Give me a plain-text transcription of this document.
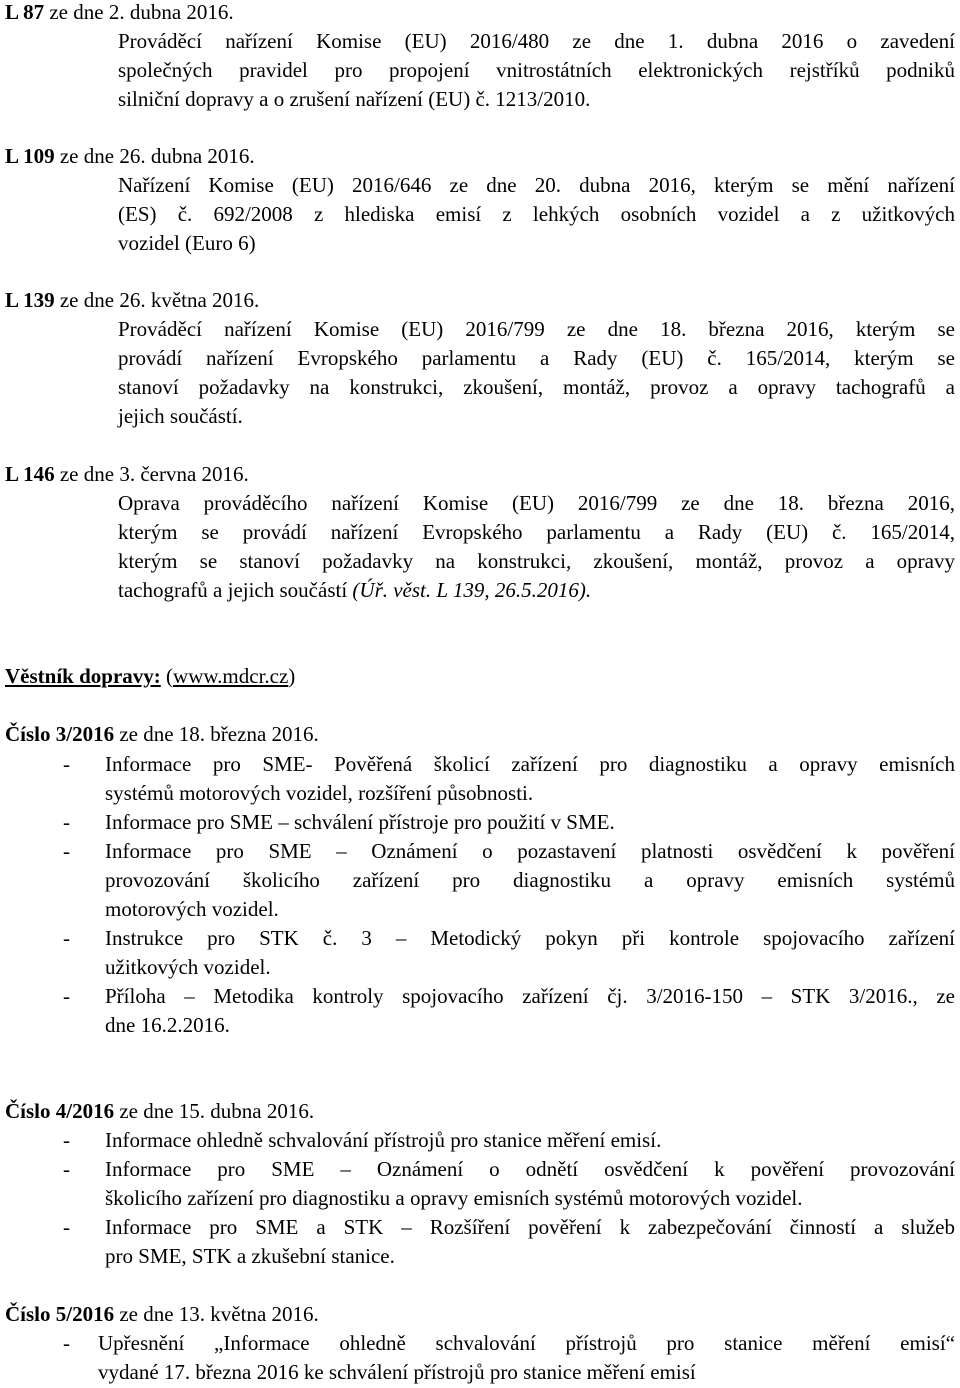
L 87 ze dne 2. dubna 2016.
Prováděcí nařízení Komise (EU) 2016/480 ze dne 1. dubna 2016 o zavedení
společných pravidel pro propojení vnitrostátních elektronických rejstříků podniků
silniční dopravy a o zrušení nařízení (EU) č. 1213/2010.
L 109 ze dne 26. dubna 2016.
Nařízení Komise (EU) 2016/646 ze dne 20. dubna 2016, kterým se mění nařízení
(ES) č. 692/2008 z hlediska emisí z lehkých osobních vozidel a z užitkových
vozidel (Euro 6)
L 139 ze dne 26. května 2016.
Prováděcí nařízení Komise (EU) 2016/799 ze dne 18. března 2016, kterým se
provádí nařízení Evropského parlamentu a Rady (EU) č. 165/2014, kterým se
stanoví požadavky na konstrukci, zkoušení, montáž, provoz a opravy tachografů a
jejich součástí.
L 146 ze dne 3. června 2016.
Oprava prováděcího nařízení Komise (EU) 2016/799 ze dne 18. března 2016,
kterým se provádí nařízení Evropského parlamentu a Rady (EU) č. 165/2014,
kterým se stanoví požadavky na konstrukci, zkoušení, montáž, provoz a opravy
tachografů a jejich součástí (Úř. věst. L 139, 26.5.2016).
Věstník dopravy: (www.mdcr.cz)
Číslo 3/2016 ze dne 18. března 2016.
- Informace pro SME- Pověřená školicí zařízení pro diagnostiku a opravy emisních
systémů motorových vozidel, rozšíření působnosti.
- Informace pro SME – schválení přístroje pro použití v SME.
- Informace pro SME – Oznámení o pozastavení platnosti osvědčení k pověření
provozování školicího zařízení pro diagnostiku a opravy emisních systémů
motorových vozidel.
- Instrukce pro STK č. 3 – Metodický pokyn při kontrole spojovacího zařízení
užitkových vozidel.
- Příloha – Metodika kontroly spojovacího zařízení čj. 3/2016-150 – STK 3/2016., ze
dne 16.2.2016.
Číslo 4/2016 ze dne 15. dubna 2016.
- Informace ohledně schvalování přístrojů pro stanice měření emisí.
- Informace pro SME – Oznámení o odnětí osvědčení k pověření provozování
školicího zařízení pro diagnostiku a opravy emisních systémů motorových vozidel.
- Informace pro SME a STK – Rozšíření pověření k zabezpečování činností a služeb
pro SME, STK a zkušební stanice.
Číslo 5/2016 ze dne 13. května 2016.
- Upřesnění „Informace ohledně schvalování přístrojů pro stanice měření emisí“
vydané 17. března 2016 ke schválení přístrojů pro stanice měření emisí
